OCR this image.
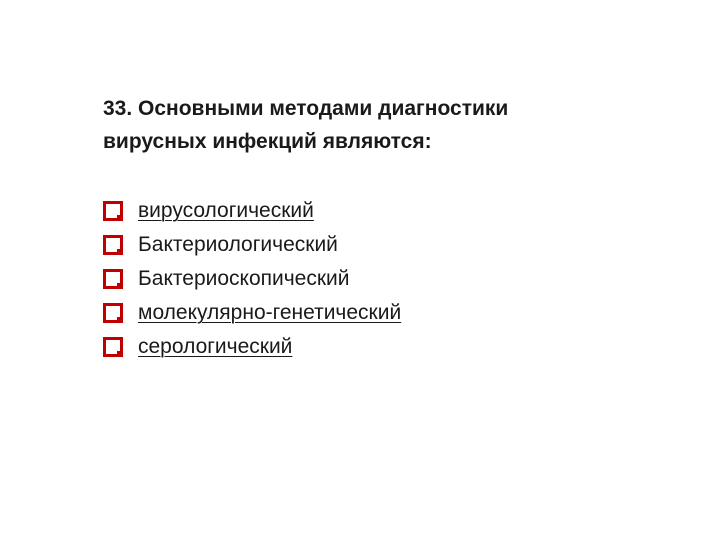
33. Основными методами диагностики
вирусных инфекций являются:
вирусологический
Бактериологический
Бактериоскопический
молекулярно-генетический
серологический
